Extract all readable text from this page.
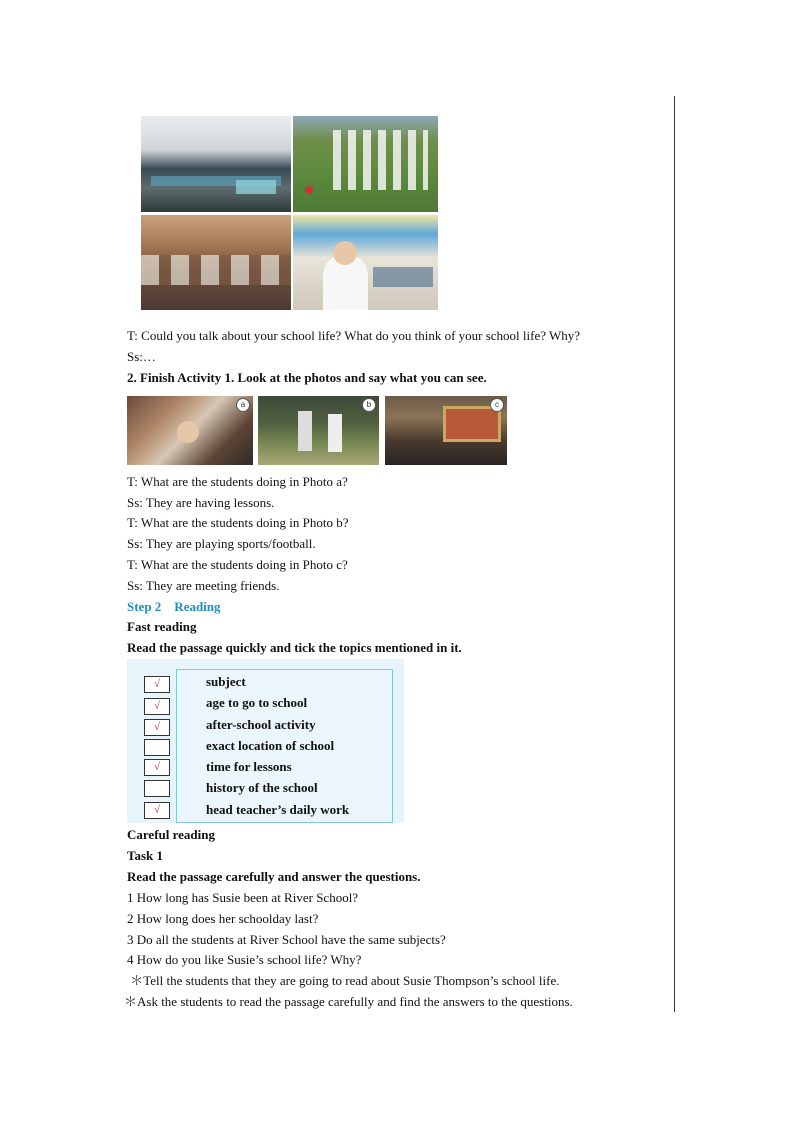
T: Could you talk about your school life? What do you think of your school life? Why?
Ss:…
2. Finish Activity 1. Look at the photos and say what you can see.
a	b	c
T: What are the students doing in Photo a?
Ss: They are having lessons.
T: What are the students doing in Photo b?
Ss: They are playing sports/football.
T: What are the students doing in Photo c?
Ss: They are meeting friends.
Step 2    Reading
Fast reading
Read the passage quickly and tick the topics mentioned in it.
√	subject
√	age to go to school
√	after-school activity
exact location of school
√	time for lessons
history of the school
√	head teacher’s daily work
Careful reading
Task 1
Read the passage carefully and answer the questions.
1 How long has Susie been at River School?
2 How long does her schoolday last?
3 Do all the students at River School have the same subjects?
4 How do you like Susie’s school life? Why?
＊Tell the students that they are going to read about Susie Thompson’s school life.
＊Ask the students to read the passage carefully and find the answers to the questions.
